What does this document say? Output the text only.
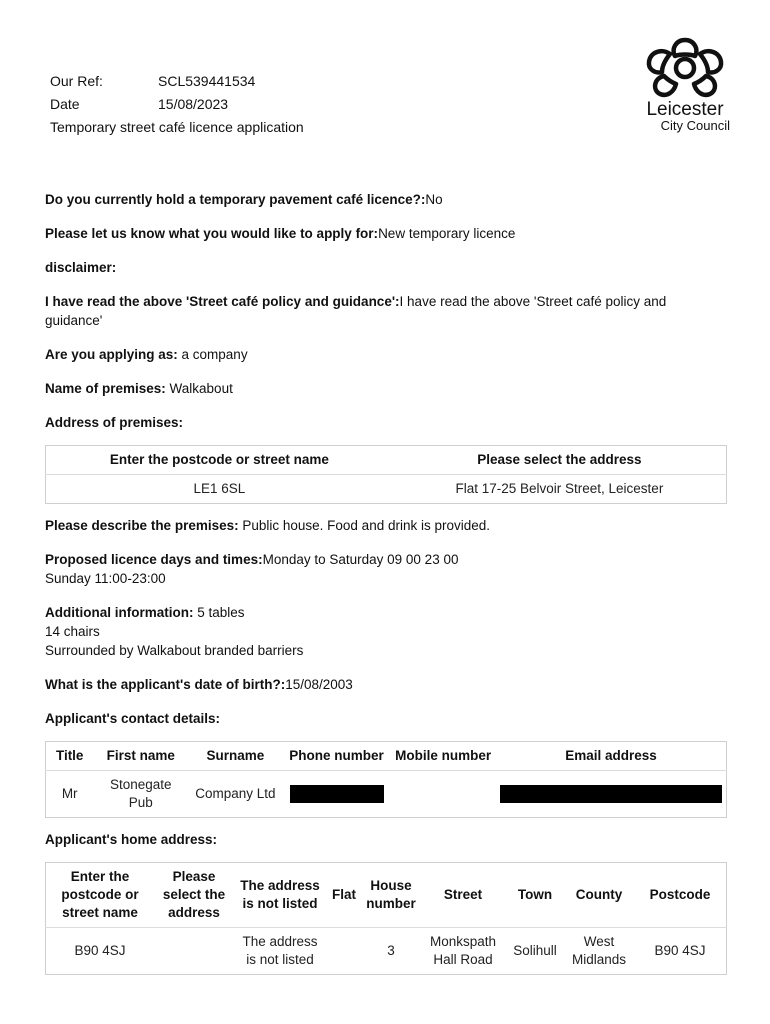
Our Ref:	SCL539441534
Date	15/08/2023
Temporary street café licence application
Leicester
City Council
Do you currently hold a temporary pavement café licence?:No
Please let us know what you would like to apply for:New temporary licence
disclaimer:
I have read the above 'Street café policy and guidance':I have read the above 'Street café policy and guidance'
Are you applying as: a company
Name of premises: Walkabout
Address of premises:
Enter the postcode or street name	Please select the address
LE1 6SL	Flat 17-25 Belvoir Street, Leicester
Please describe the premises: Public house. Food and drink is provided.
Proposed licence days and times:Monday to Saturday 09 00 23 00
Sunday 11:00-23:00
Additional information: 5 tables
14 chairs
Surrounded by Walkabout branded barriers
What is the applicant's date of birth?:15/08/2003
Applicant's contact details:
Title	First name	Surname	Phone number	Mobile number	Email address
Mr	Stonegate Pub	Company Ltd			
Applicant's home address:
Enter the postcode or street name	Please select the address	The address is not listed	Flat	House number	Street	Town	County	Postcode
B90 4SJ		The address is not listed		3	Monkspath Hall Road	Solihull	West Midlands	B90 4SJ
